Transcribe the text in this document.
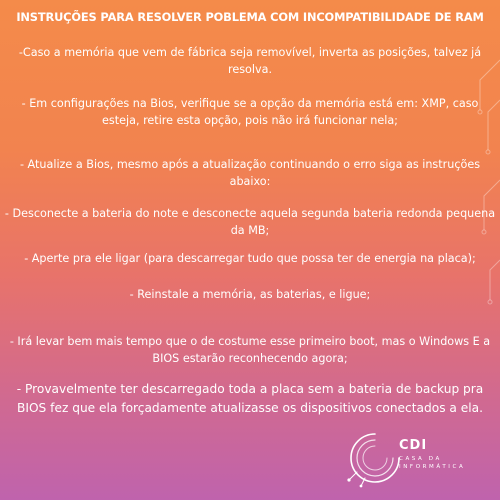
INSTRUÇÕES PARA RESOLVER POBLEMA COM INCOMPATIBILIDADE DE RAM

-Caso a memória que vem de fábrica seja removível, inverta as posições, talvez já resolva.

- Em configurações na Bios, verifique se a opção da memória está em: XMP, caso esteja, retire esta opção, pois não irá funcionar nela;

- Atualize a Bios, mesmo após a atualização continuando o erro siga as instruções abaixo:

- Desconecte a bateria do note e desconecte aquela segunda bateria redonda pequena da MB;

- Aperte pra ele ligar (para descarregar tudo que possa ter de energia na placa);

- Reinstale a memória, as baterias, e ligue;

- Irá levar bem mais tempo que o de costume esse primeiro boot, mas o Windows E a BIOS estarão reconhecendo agora;

- Provavelmente ter descarregado toda a placa sem a bateria de backup pra BIOS fez que ela forçadamente atualizasse os dispositivos conectados a ela.

CDI
CASA DA
INFORMÁTICA
